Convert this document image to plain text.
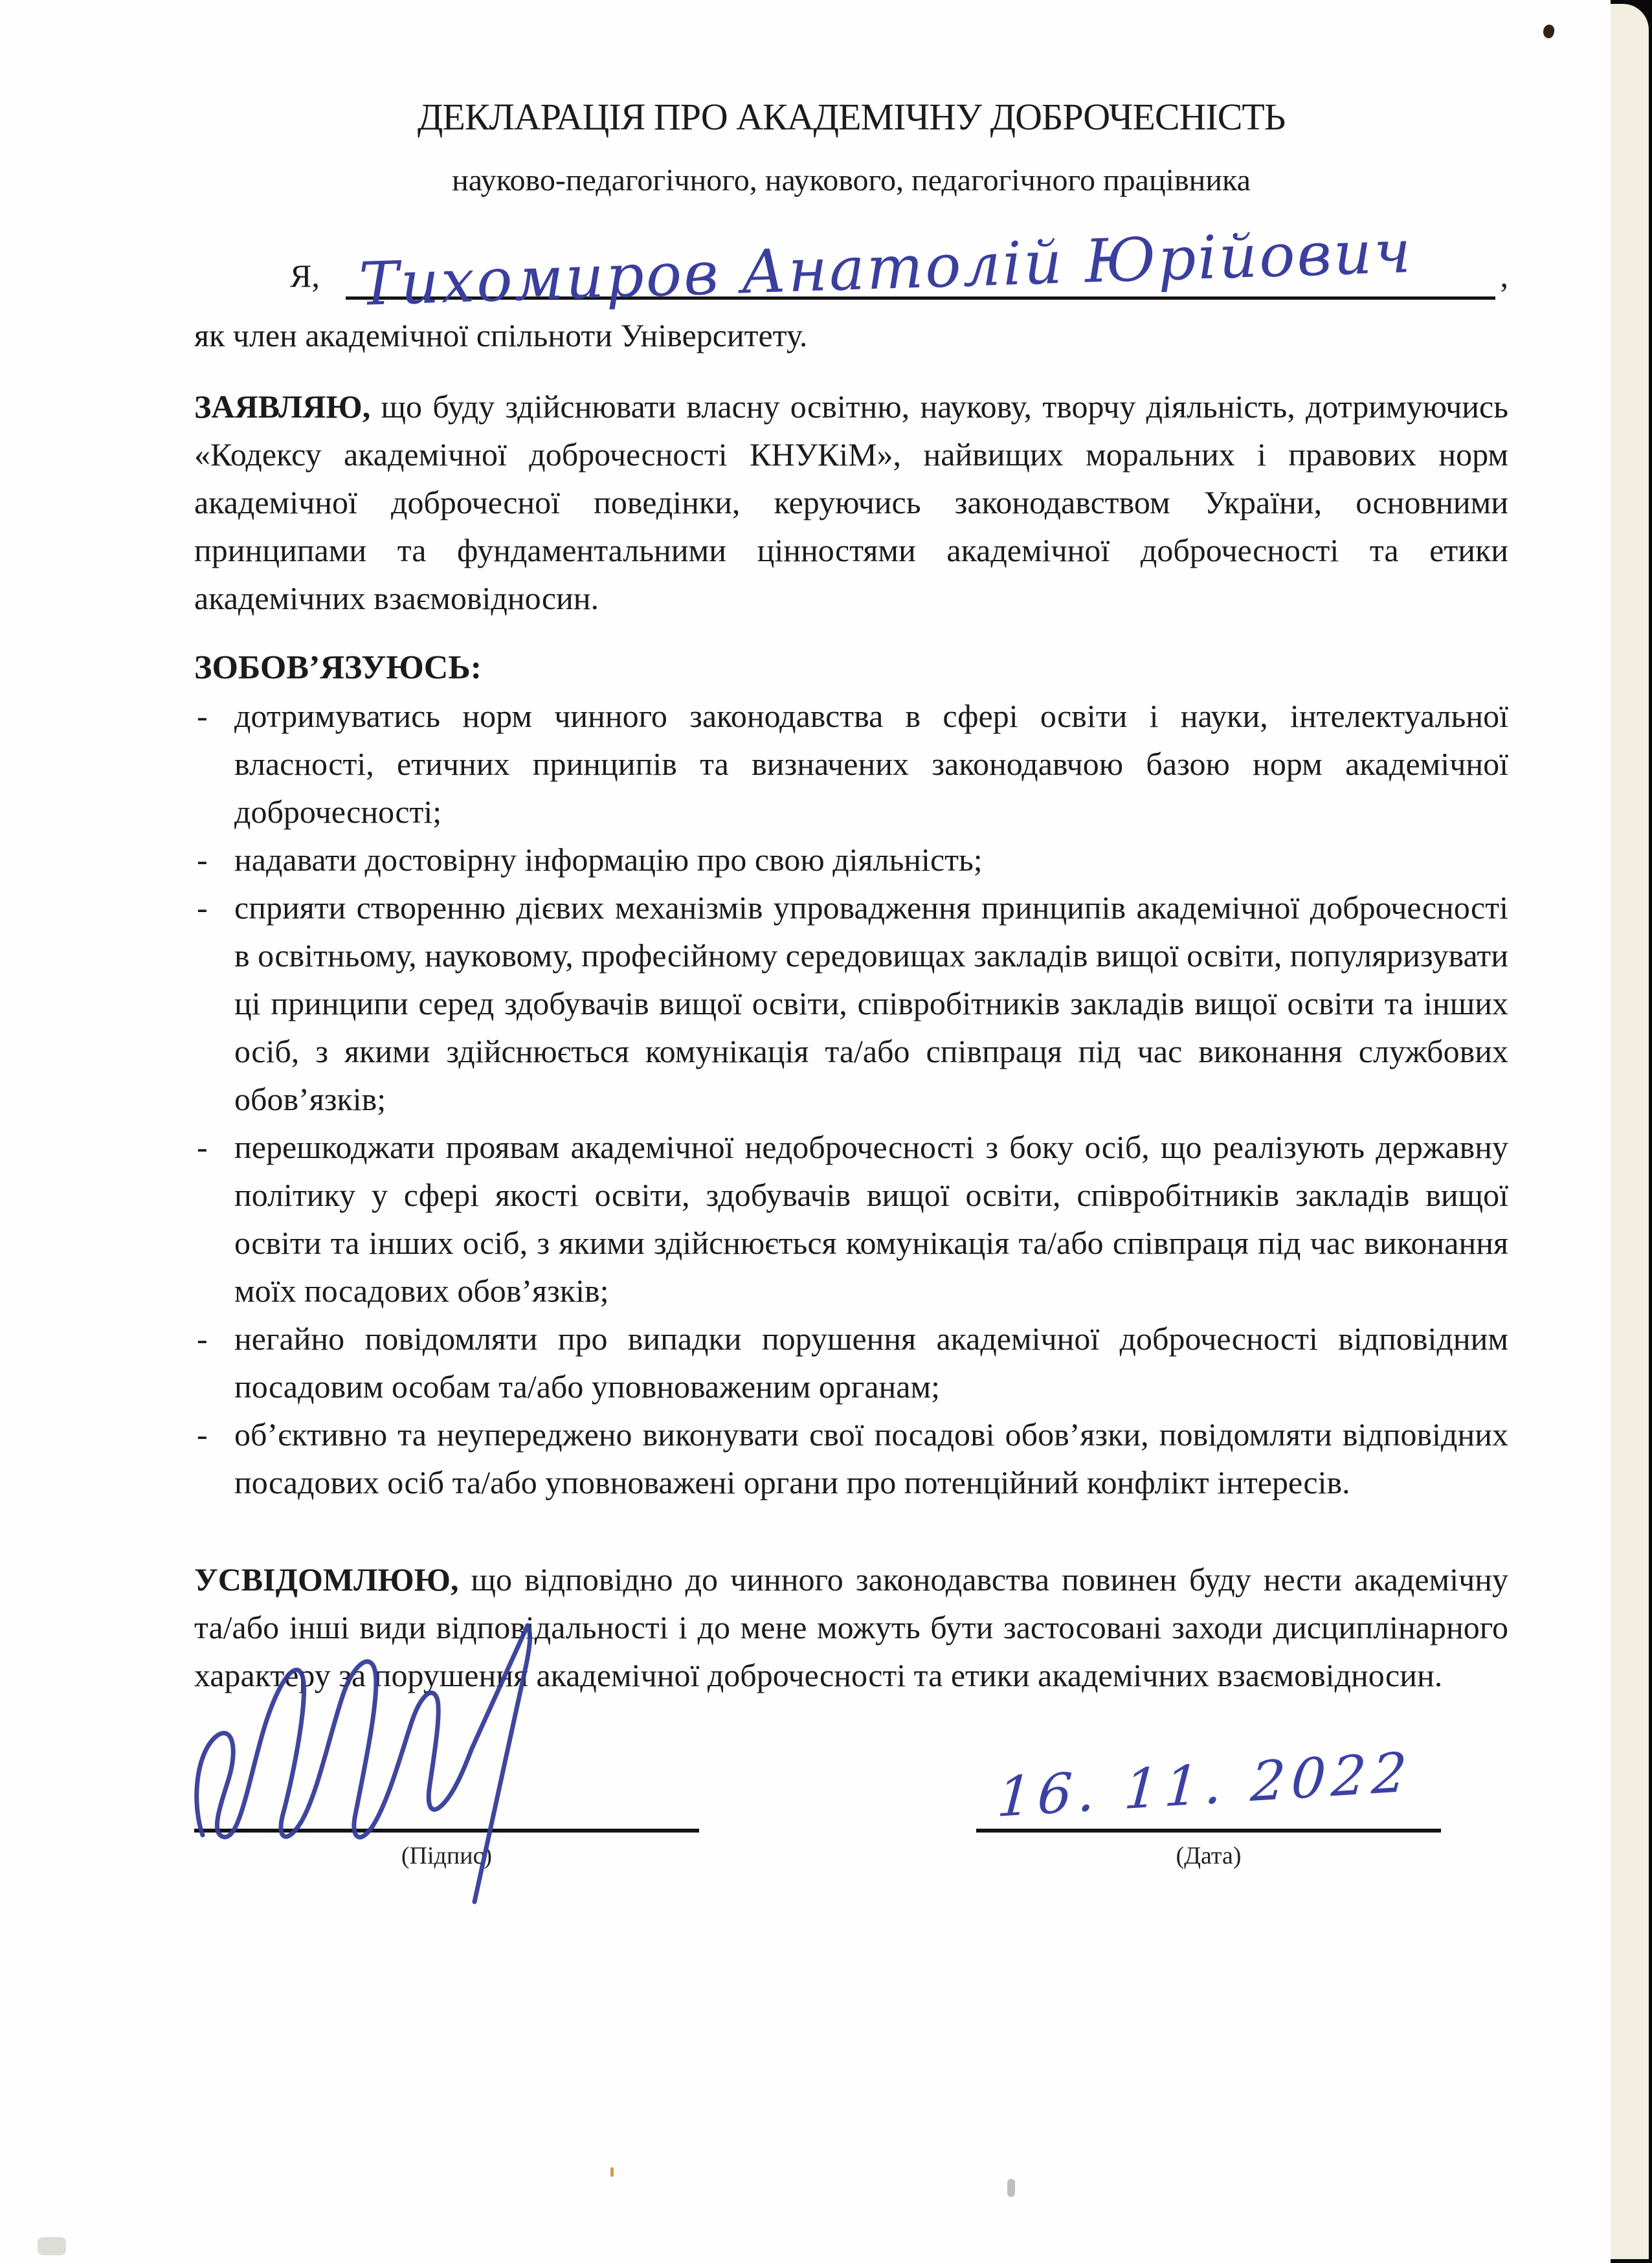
ДЕКЛАРАЦІЯ ПРО АКАДЕМІЧНУ ДОБРОЧЕСНІСТЬ
науково-педагогічного, наукового, педагогічного працівника
Я, Тихомиров Анатолій Юрійович	,
як член академічної спільноти Університету.

ЗАЯВЛЯЮ, що буду здійснювати власну освітню, наукову, творчу діяльність, дотримуючись «Кодексу академічної доброчесності КНУКіМ», найвищих моральних і правових норм академічної доброчесної поведінки, керуючись законодавством України, основними принципами та фундаментальними цінностями академічної доброчесності та етики академічних взаємовідносин.

ЗОБОВ’ЯЗУЮСЬ:
- дотримуватись норм чинного законодавства в сфері освіти і науки, інтелектуальної власності, етичних принципів та визначених законодавчою базою норм академічної доброчесності;
- надавати достовірну інформацію про свою діяльність;
- сприяти створенню дієвих механізмів упровадження принципів академічної доброчесності в освітньому, науковому, професійному середовищах закладів вищої освіти, популяризувати ці принципи серед здобувачів вищої освіти, співробітників закладів вищої освіти та інших осіб, з якими здійснюється комунікація та/або співпраця під час виконання службових обов’язків;
- перешкоджати проявам академічної недоброчесності з боку осіб, що реалізують державну політику у сфері якості освіти, здобувачів вищої освіти, співробітників закладів вищої освіти та інших осіб, з якими здійснюється комунікація та/або співпраця під час виконання моїх посадових обов’язків;
- негайно повідомляти про випадки порушення академічної доброчесності відповідним посадовим особам та/або уповноваженим органам;
- об’єктивно та неупереджено виконувати свої посадові обов’язки, повідомляти відповідних посадових осіб та/або уповноважені органи про потенційний конфлікт інтересів.

УСВІДОМЛЮЮ, що відповідно до чинного законодавства повинен буду нести академічну та/або інші види відповідальності і до мене можуть бути застосовані заходи дисциплінарного характеру за порушення академічної доброчесності та етики академічних взаємовідносин.

(Підпис)
16. 11. 2022
(Дата)
